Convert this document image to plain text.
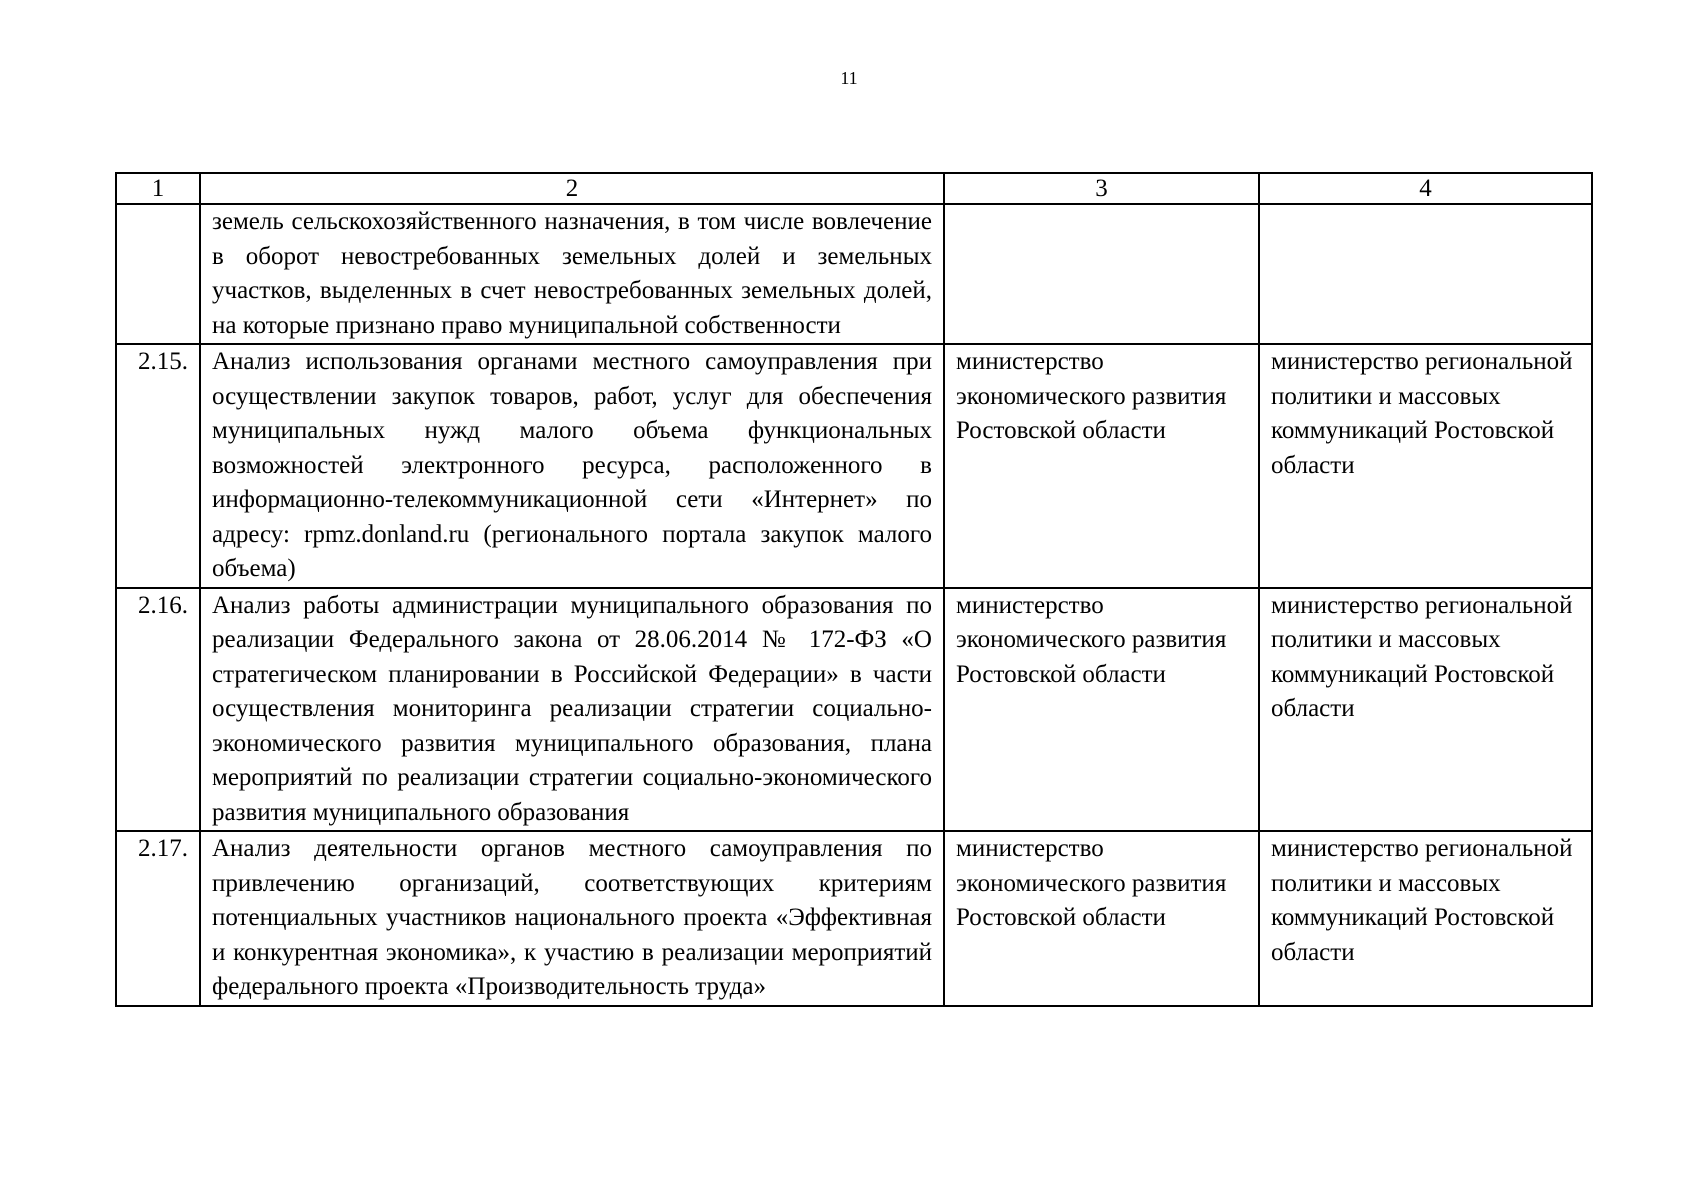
11
1	2	3	4
	земель сельскохозяйственного назначения, в том числе вовлечение в оборот невостребованных земельных долей и земельных участков, выделенных в счет невостребованных земельных долей, на которые признано право муниципальной собственности		
2.15.	Анализ использования органами местного самоуправления при осуществлении закупок товаров, работ, услуг для обеспечения муниципальных нужд малого объема функциональных возможностей электронного ресурса, расположенного в информационно-телекоммуникационной сети «Интернет» по адресу: rpmz.donland.ru (регионального портала закупок малого объема)	министерство экономического развития Ростовской области	министерство региональной политики и массовых коммуникаций Ростовской области
2.16.	Анализ работы администрации муниципального образования по реализации Федерального закона от 28.06.2014 № 172-ФЗ «О стратегическом планировании в Российской Федерации» в части осуществления мониторинга реализации стратегии социально-экономического развития муниципального образования, плана мероприятий по реализации стратегии социально-экономического развития муниципального образования	министерство экономического развития Ростовской области	министерство региональной политики и массовых коммуникаций Ростовской области
2.17.	Анализ деятельности органов местного самоуправления по привлечению организаций, соответствующих критериям потенциальных участников национального проекта «Эффективная и конкурентная экономика», к участию в реализации мероприятий федерального проекта «Производительность труда»	министерство экономического развития Ростовской области	министерство региональной политики и массовых коммуникаций Ростовской области
